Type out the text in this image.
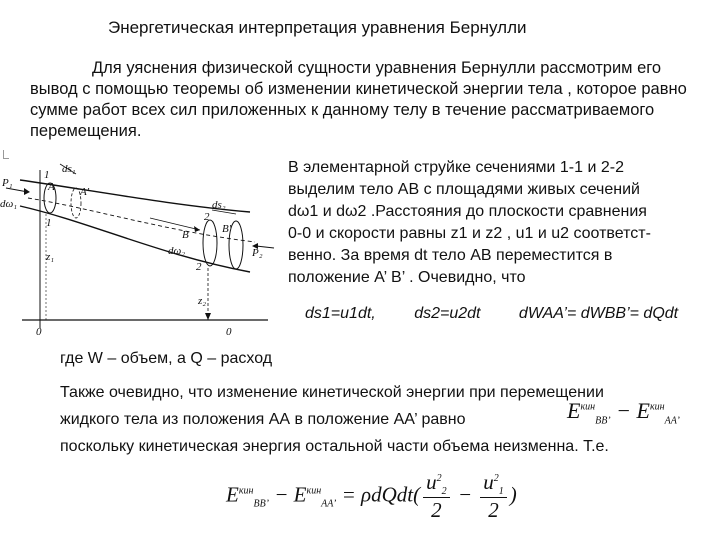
Энергетическая интерпретация уравнения Бернулли
Для уяснения физической сущности уравнения Бернулли рассмотрим его вывод с помощью теоремы об изменении кинетической энергии тела , которое равно сумме работ всех сил приложенных к данному телу в течение рассматриваемого перемещения.
P₁
P₂
dω₁
dω₂
ds₁
ds₂
A A'
B	B'
1
1	2
2
z₁
z₂
0	0
В элементарной струйке сечениями 1-1 и 2-2
выделим тело АВ с площадями живых сечений
dω1 и dω2 .Расстояния до плоскости сравнения
0-0 и скорости равны z1 и z2 , u1 и u2 соответст-
венно. За время dt тело АВ переместится в
положение A’ B’ . Очевидно, что
ds1=u1dt, ds2=u2dt dWAA’= dWBB’= dQdt
где W – объем, а Q – расход
Также очевидно, что изменение кинетической энергии при перемещении
жидкого тела из положения АА в положение АА’ равно
поскольку кинетическая энергия остальной части объема неизменна. Т.е.
$E^{кин}_{BB’} - E^{кин}_{AA’}$
$E^{кин}_{BB’} - E^{кин}_{AA’}$ = ρdQdt( $\frac{u^2_2}{2} - \frac{u^2_1}{2}$ )
